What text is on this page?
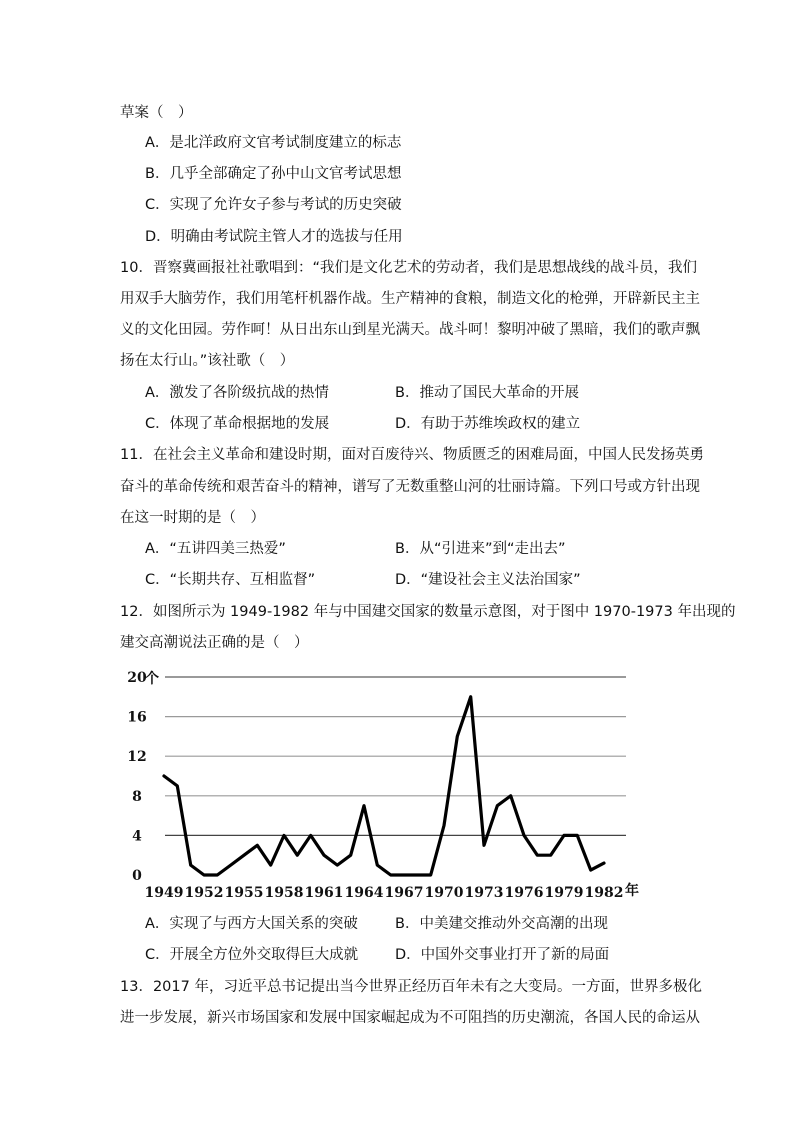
草案（　）
A．是北洋政府文官考试制度建立的标志
B．几乎全部确定了孙中山文官考试思想
C．实现了允许女子参与考试的历史突破
D．明确由考试院主管人才的选拔与任用
10．晋察冀画报社社歌唱到：“我们是文化艺术的劳动者，我们是思想战线的战斗员，我们
用双手大脑劳作，我们用笔杆机器作战。生产精神的食粮，制造文化的枪弹，开辟新民主主
义的文化田园。劳作呵！从日出东山到星光满天。战斗呵！黎明冲破了黑暗，我们的歌声飘
扬在太行山。”该社歌（　）
A．激发了各阶级抗战的热情	B．推动了国民大革命的开展
C．体现了革命根据地的发展	D．有助于苏维埃政权的建立
11．在社会主义革命和建设时期，面对百废待兴、物质匮乏的困难局面，中国人民发扬英勇
奋斗的革命传统和艰苦奋斗的精神，谱写了无数重整山河的壮丽诗篇。下列口号或方针出现
在这一时期的是（　）
A．“五讲四美三热爱”	B．从“引进来”到“走出去”
C．“长期共存、互相监督”	D．“建设社会主义法治国家”
12．如图所示为 1949-1982 年与中国建交国家的数量示意图，对于图中 1970-1973 年出现的
建交高潮说法正确的是（　）
0
4
8
12
16
20
1949 1952 1955 1958 1961 1964 1967 1970 1973 1976 1979 1982
个
年
A．实现了与西方大国关系的突破	B．中美建交推动外交高潮的出现
C．开展全方位外交取得巨大成就	D．中国外交事业打开了新的局面
13．2017 年，习近平总书记提出当今世界正经历百年未有之大变局。一方面，世界多极化
进一步发展，新兴市场国家和发展中国家崛起成为不可阻挡的历史潮流，各国人民的命运从
